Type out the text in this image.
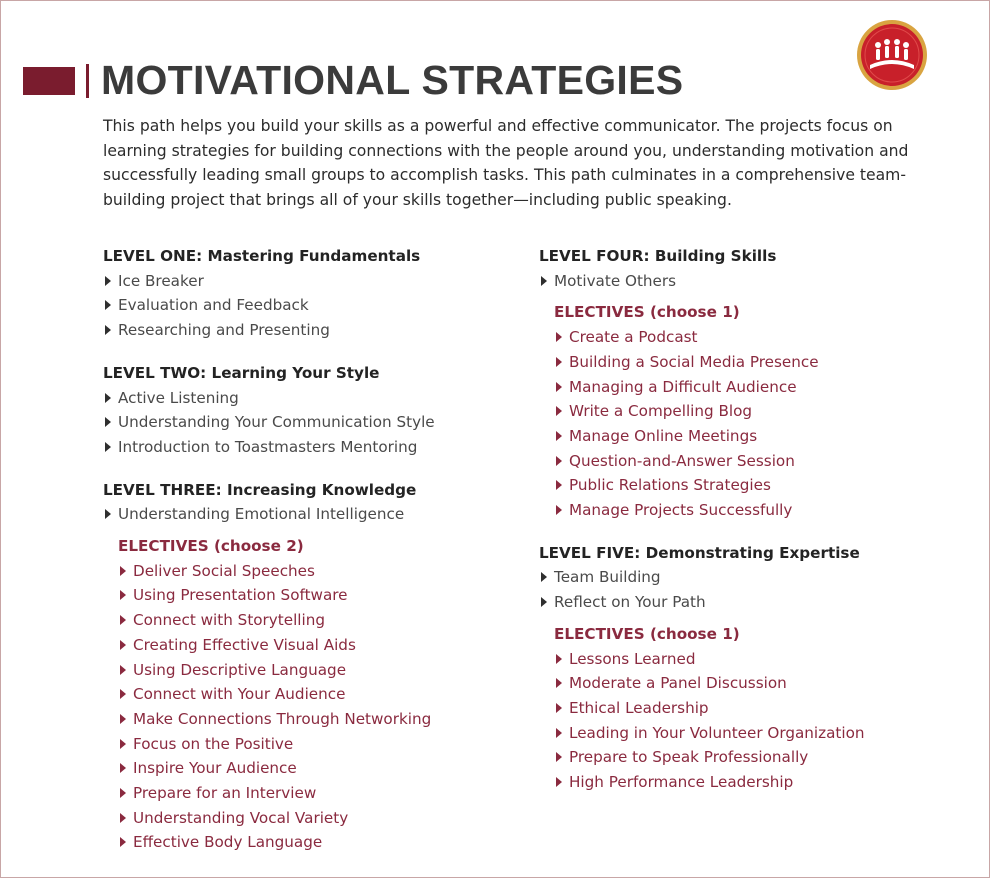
MOTIVATIONAL STRATEGIES

This path helps you build your skills as a powerful and effective communicator. The projects focus on learning strategies for building connections with the people around you, understanding motivation and successfully leading small groups to accomplish tasks. This path culminates in a comprehensive team-building project that brings all of your skills together—including public speaking.

LEVEL ONE: Mastering Fundamentals
Ice Breaker
Evaluation and Feedback
Researching and Presenting
LEVEL TWO: Learning Your Style
Active Listening
Understanding Your Communication Style
Introduction to Toastmasters Mentoring
LEVEL THREE: Increasing Knowledge
Understanding Emotional Intelligence
ELECTIVES (choose 2)
Deliver Social Speeches
Using Presentation Software
Connect with Storytelling
Creating Effective Visual Aids
Using Descriptive Language
Connect with Your Audience
Make Connections Through Networking
Focus on the Positive
Inspire Your Audience
Prepare for an Interview
Understanding Vocal Variety
Effective Body Language
LEVEL FOUR: Building Skills
Motivate Others
ELECTIVES (choose 1)
Create a Podcast
Building a Social Media Presence
Managing a Difficult Audience
Write a Compelling Blog
Manage Online Meetings
Question-and-Answer Session
Public Relations Strategies
Manage Projects Successfully
LEVEL FIVE: Demonstrating Expertise
Team Building
Reflect on Your Path
ELECTIVES (choose 1)
Lessons Learned
Moderate a Panel Discussion
Ethical Leadership
Leading in Your Volunteer Organization
Prepare to Speak Professionally
High Performance Leadership
